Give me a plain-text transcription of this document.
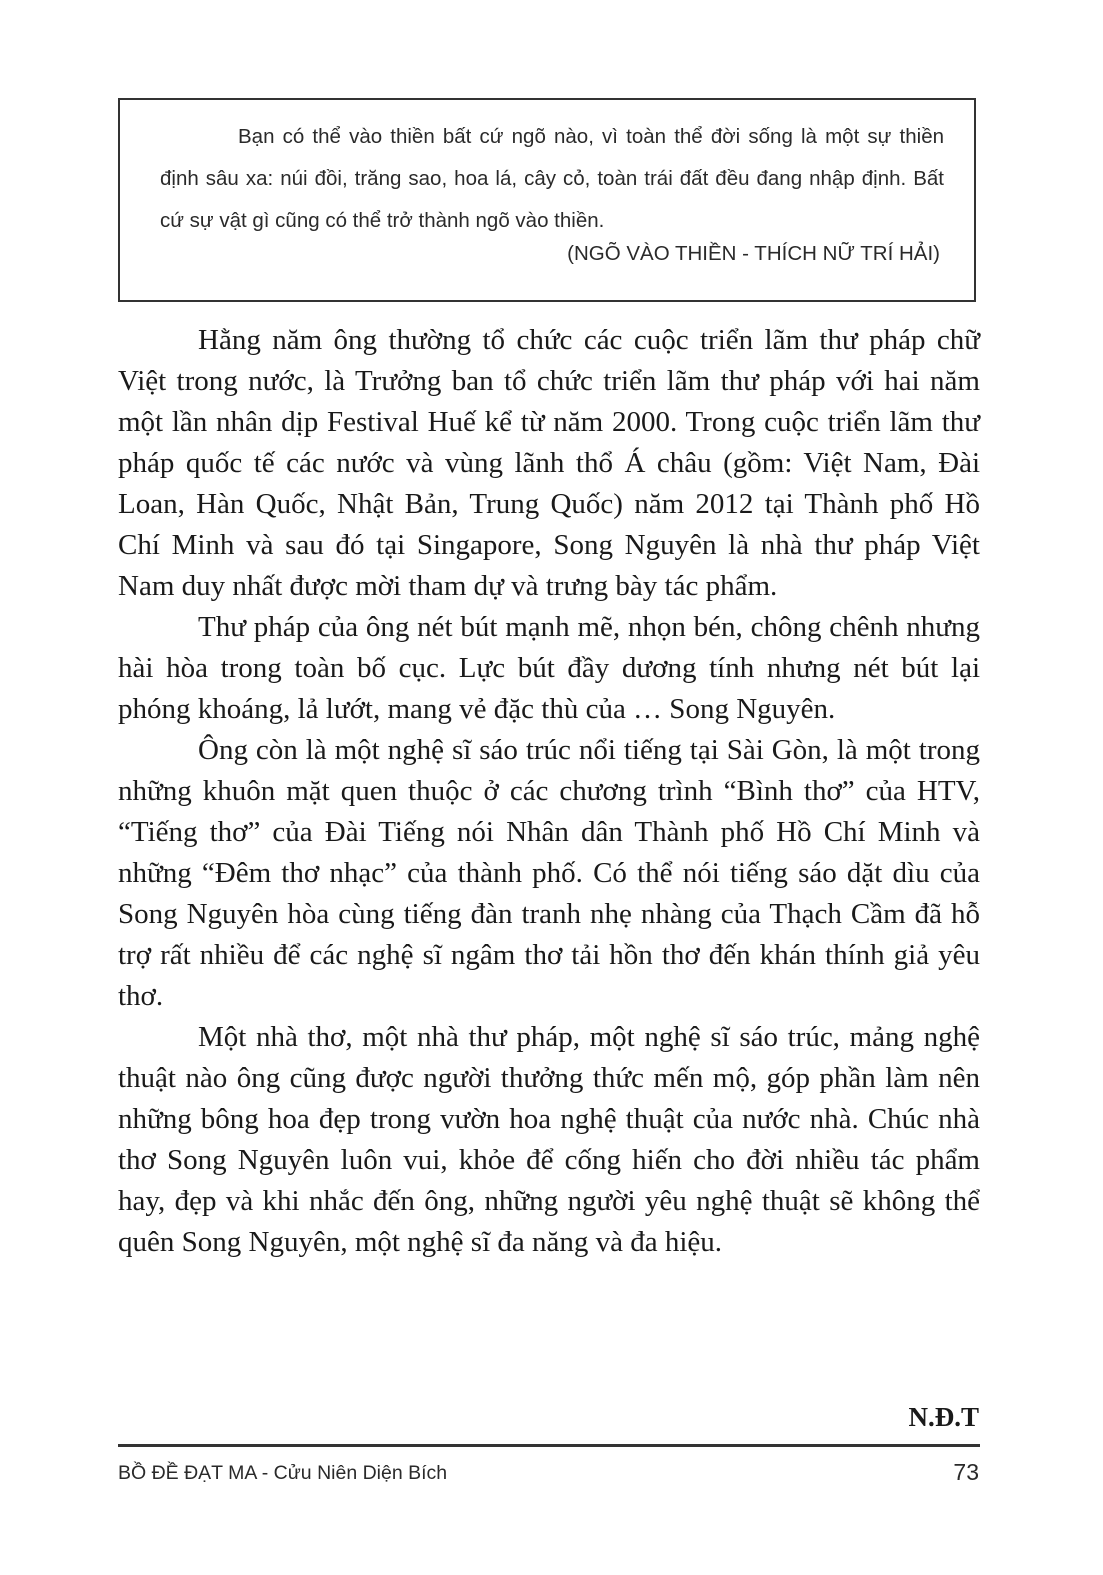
Bạn có thể vào thiền bất cứ ngõ nào, vì toàn thể đời sống là một sự thiền định sâu xa: núi đồi, trăng sao, hoa lá, cây cỏ, toàn trái đất đều đang nhập định. Bất cứ sự vật gì cũng có thể trở thành ngõ vào thiền.

(NGÕ VÀO THIỀN - THÍCH NỮ TRÍ HẢI)

Hằng năm ông thường tổ chức các cuộc triển lãm thư pháp chữ Việt trong nước, là Trưởng ban tổ chức triển lãm thư pháp với hai năm một lần nhân dịp Festival Huế kể từ năm 2000. Trong cuộc triển lãm thư pháp quốc tế các nước và vùng lãnh thổ Á châu (gồm: Việt Nam, Đài Loan, Hàn Quốc, Nhật Bản, Trung Quốc) năm 2012 tại Thành phố Hồ Chí Minh và sau đó tại Singapore, Song Nguyên là nhà thư pháp Việt Nam duy nhất được mời tham dự và trưng bày tác phẩm.

Thư pháp của ông nét bút mạnh mẽ, nhọn bén, chông chênh nhưng hài hòa trong toàn bố cục. Lực bút đầy dương tính nhưng nét bút lại phóng khoáng, lả lướt, mang vẻ đặc thù của … Song Nguyên.

Ông còn là một nghệ sĩ sáo trúc nổi tiếng tại Sài Gòn, là một trong những khuôn mặt quen thuộc ở các chương trình “Bình thơ” của HTV, “Tiếng thơ” của Đài Tiếng nói Nhân dân Thành phố Hồ Chí Minh và những “Đêm thơ nhạc” của thành phố. Có thể nói tiếng sáo dặt dìu của Song Nguyên hòa cùng tiếng đàn tranh nhẹ nhàng của Thạch Cầm đã hỗ trợ rất nhiều để các nghệ sĩ ngâm thơ tải hồn thơ đến khán thính giả yêu thơ.

Một nhà thơ, một nhà thư pháp, một nghệ sĩ sáo trúc, mảng nghệ thuật nào ông cũng được người thưởng thức mến mộ, góp phần làm nên những bông hoa đẹp trong vườn hoa nghệ thuật của nước nhà. Chúc nhà thơ Song Nguyên luôn vui, khỏe để cống hiến cho đời nhiều tác phẩm hay, đẹp và khi nhắc đến ông, những người yêu nghệ thuật sẽ không thể quên Song Nguyên, một nghệ sĩ đa năng và đa hiệu.

N.Đ.T

BỒ ĐỀ ĐẠT MA - Cửu Niên Diện Bích	73
